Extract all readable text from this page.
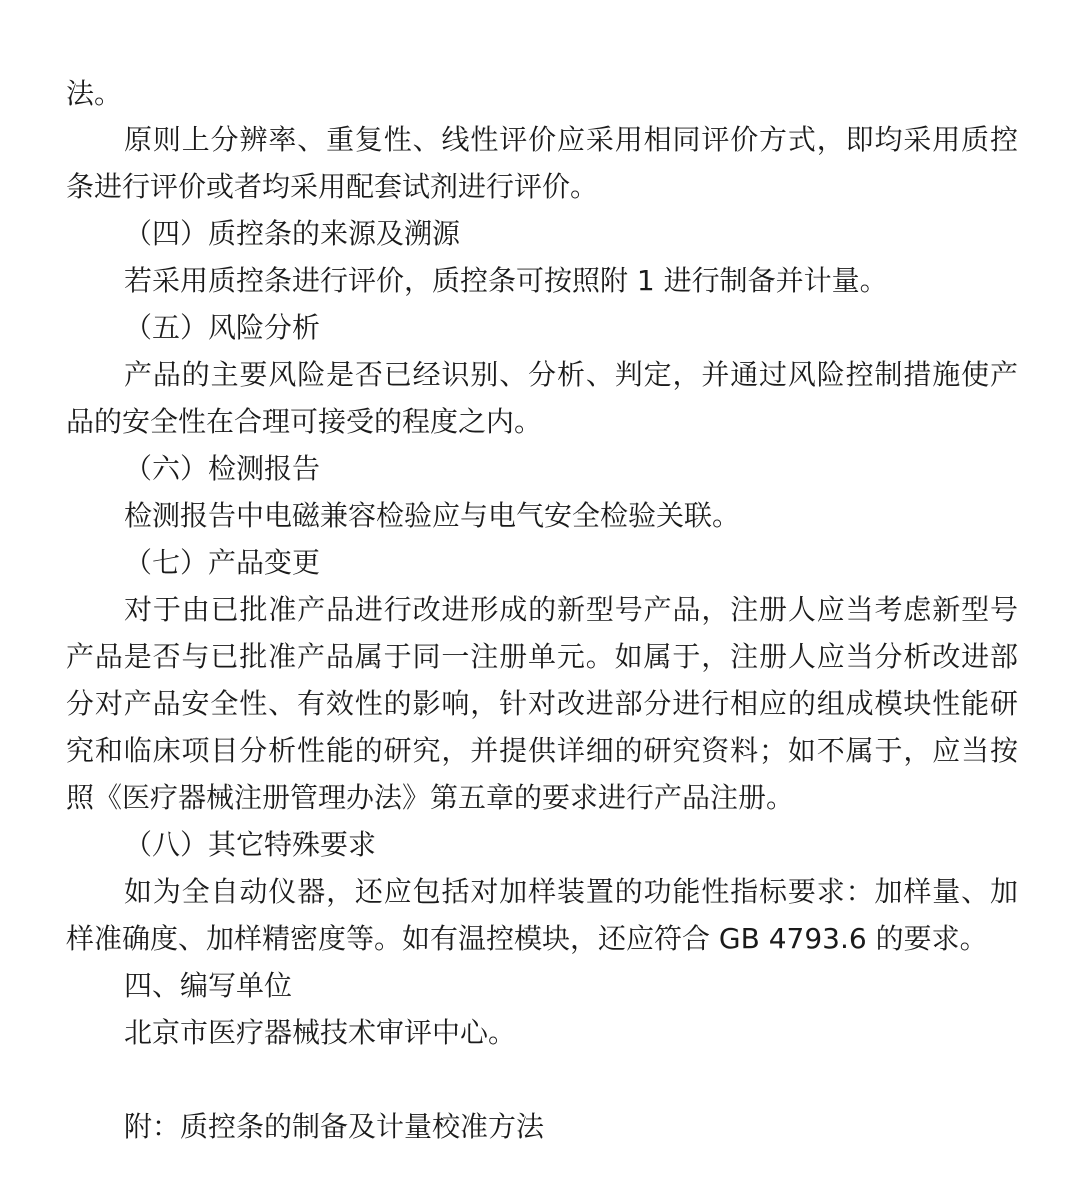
法。
原则上分辨率、重复性、线性评价应采用相同评价方式，即均采用质控
条进行评价或者均采用配套试剂进行评价。
（四）质控条的来源及溯源
若采用质控条进行评价，质控条可按照附 1 进行制备并计量。
（五）风险分析
产品的主要风险是否已经识别、分析、判定，并通过风险控制措施使产
品的安全性在合理可接受的程度之内。
（六）检测报告
检测报告中电磁兼容检验应与电气安全检验关联。
（七）产品变更
对于由已批准产品进行改进形成的新型号产品，注册人应当考虑新型号
产品是否与已批准产品属于同一注册单元。如属于，注册人应当分析改进部
分对产品安全性、有效性的影响，针对改进部分进行相应的组成模块性能研
究和临床项目分析性能的研究，并提供详细的研究资料；如不属于，应当按
照《医疗器械注册管理办法》第五章的要求进行产品注册。
（八）其它特殊要求
如为全自动仪器，还应包括对加样装置的功能性指标要求：加样量、加
样准确度、加样精密度等。如有温控模块，还应符合 GB 4793.6 的要求。
四、编写单位
北京市医疗器械技术审评中心。
附：质控条的制备及计量校准方法
